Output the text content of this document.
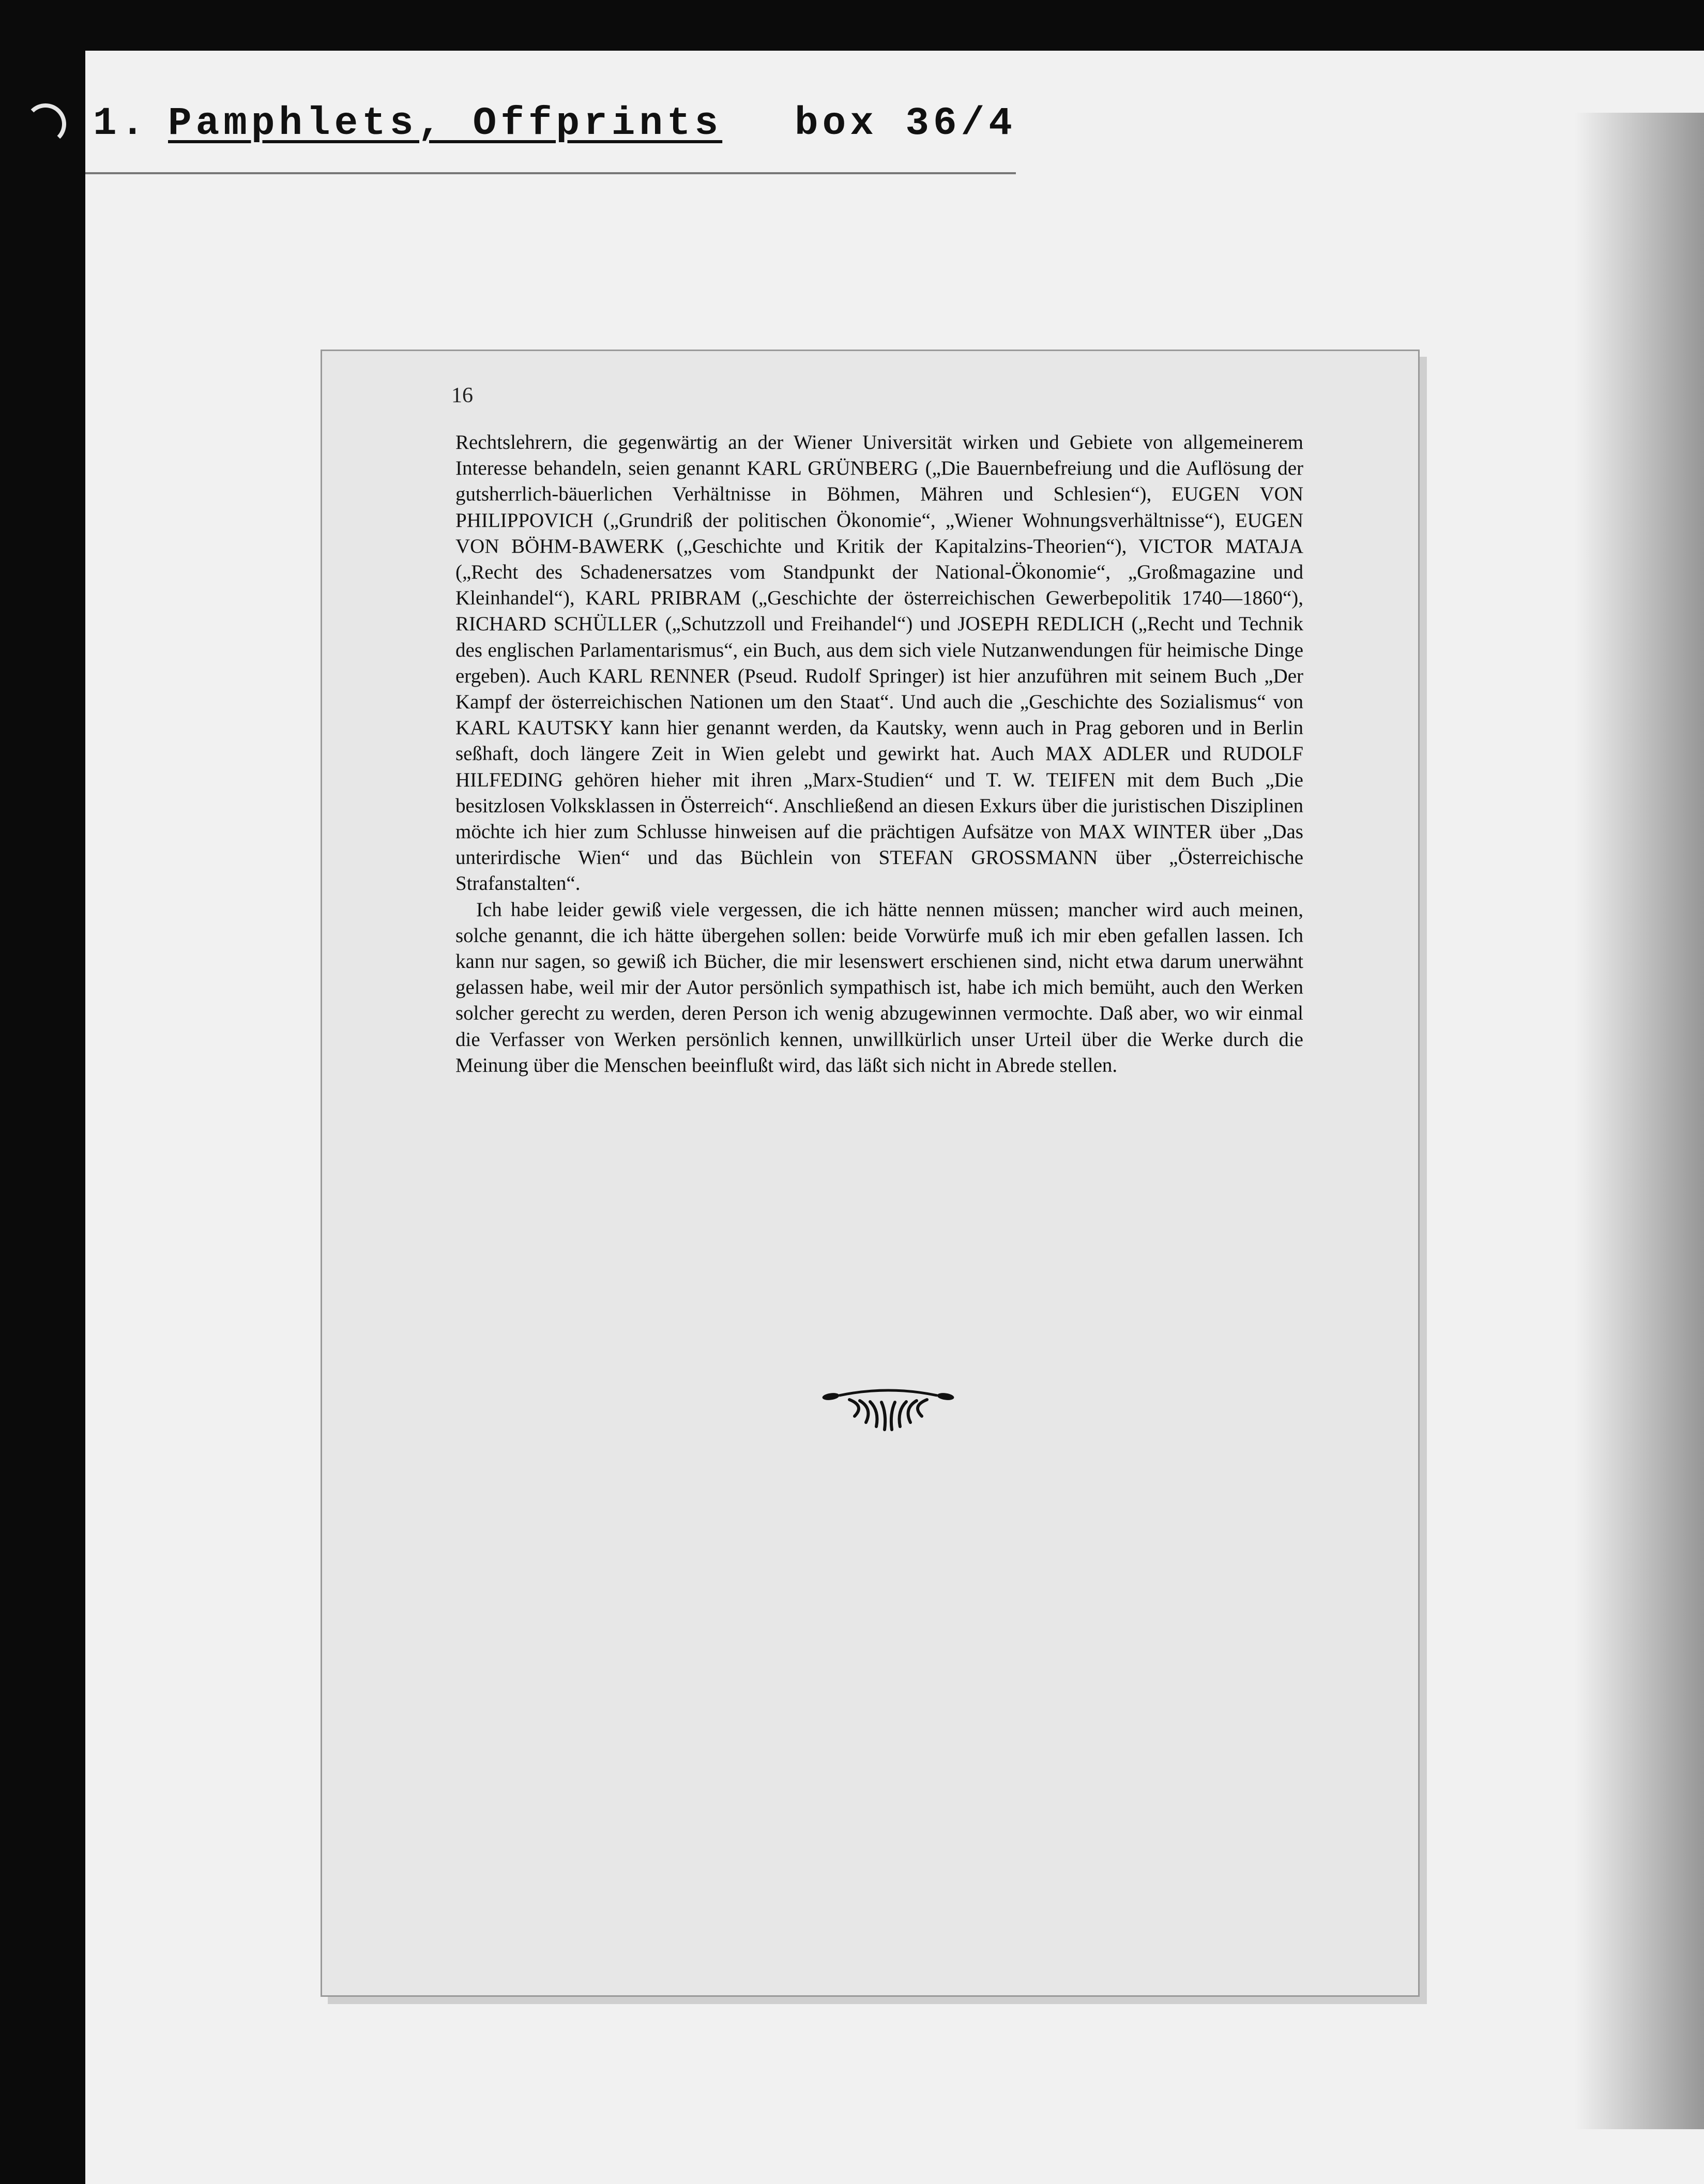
1. Pamphlets, Offprints box 36/4
16

Rechtslehrern, die gegenwärtig an der Wiener Universität wirken und Gebiete von allgemeinerem Interesse behandeln, seien genannt KARL GRÜNBERG („Die Bauernbefreiung und die Auflösung der gutsherrlich-bäuerlichen Verhältnisse in Böhmen, Mähren und Schlesien“), EUGEN VON PHILIPPOVICH („Grundriß der politischen Ökonomie“, „Wiener Wohnungsverhältnisse“), EUGEN VON BÖHM-BAWERK („Geschichte und Kritik der Kapitalzins-Theorien“), VICTOR MATAJA („Recht des Schadenersatzes vom Standpunkt der National-Ökonomie“, „Großmagazine und Kleinhandel“), KARL PRIBRAM („Geschichte der österreichischen Gewerbepolitik 1740—1860“), RICHARD SCHÜLLER („Schutzzoll und Freihandel“) und JOSEPH REDLICH („Recht und Technik des englischen Parlamentarismus“, ein Buch, aus dem sich viele Nutzanwendungen für heimische Dinge ergeben). Auch KARL RENNER (Pseud. Rudolf Springer) ist hier anzuführen mit seinem Buch „Der Kampf der österreichischen Nationen um den Staat“. Und auch die „Geschichte des Sozialismus“ von KARL KAUTSKY kann hier genannt werden, da Kautsky, wenn auch in Prag geboren und in Berlin seßhaft, doch längere Zeit in Wien gelebt und gewirkt hat. Auch MAX ADLER und RUDOLF HILFEDING gehören hieher mit ihren „Marx-Studien“ und T. W. TEIFEN mit dem Buch „Die besitzlosen Volksklassen in Österreich“. Anschließend an diesen Exkurs über die juristischen Disziplinen möchte ich hier zum Schlusse hinweisen auf die prächtigen Aufsätze von MAX WINTER über „Das unterirdische Wien“ und das Büchlein von STEFAN GROSSMANN über „Österreichische Strafanstalten“.

Ich habe leider gewiß viele vergessen, die ich hätte nennen müssen; mancher wird auch meinen, solche genannt, die ich hätte übergehen sollen: beide Vorwürfe muß ich mir eben gefallen lassen. Ich kann nur sagen, so gewiß ich Bücher, die mir lesenswert erschienen sind, nicht etwa darum unerwähnt gelassen habe, weil mir der Autor persönlich sympathisch ist, habe ich mich bemüht, auch den Werken solcher gerecht zu werden, deren Person ich wenig abzugewinnen vermochte. Daß aber, wo wir einmal die Verfasser von Werken persönlich kennen, unwillkürlich unser Urteil über die Werke durch die Meinung über die Menschen beeinflußt wird, das läßt sich nicht in Abrede stellen.
